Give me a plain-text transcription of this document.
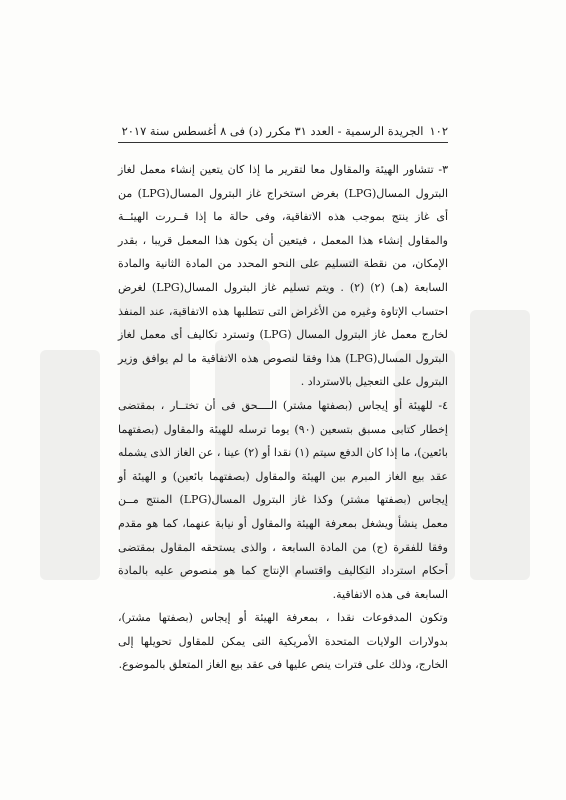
١٠٢
الجريدة الرسمية - العدد ٣١ مكرر (د) فى ٨ أغسطس سنة ٢٠١٧

٣- تتشاور الهيئة والمقاول معا لتقرير ما إذا كان يتعين إنشاء معمل لغاز البترول المسال(LPG) بغرض استخراج غاز البترول المسال(LPG) من أى غاز ينتج بموجب هذه الاتفاقية، وفى حالة ما إذا قــررت الهيئــة والمقاول إنشاء هذا المعمل ، فيتعين أن يكون هذا المعمل قريبا ، بقدر الإمكان، من نقطة التسليم على النحو المحدد من المادة الثانية والمادة السابعة (هـ) (٢) (٢) . ويتم تسليم غاز البترول المسال(LPG) لغرض احتساب الإتاوة وغيره من الأغراض التى تتطلبها هذه الاتفاقية، عند المنفذ لخارج معمل غاز البترول المسال (LPG) وتسترد تكاليف أى معمل لغاز البترول المسال(LPG) هذا وفقا لنصوص هذه الاتفاقية ما لم يوافق وزير البترول على التعجيل بالاسترداد .

٤- للهيئة أو إيجاس (بصفتها مشتر) الــــحق فى أن تختــار ، بمقتضى إخطار كتابى مسبق بتسعين (٩٠) يوما ترسله للهيئة والمقاول (بصفتهما بائعين)، ما إذا كان الدفع سيتم (١) نقدا أو (٢) عينا ، عن الغاز الذى يشمله عقد بيع الغاز المبرم بين الهيئة والمقاول (بصفتهما بائعين) و الهيئة أو إيجاس (بصفتها مشتر) وكذا غاز البترول المسال(LPG) المنتج مــن معمل ينشأ ويشغل بمعرفة الهيئة والمقاول أو نيابة عنهما، كما هو مقدم وفقا للفقرة (ج) من المادة السابعة ، والذى يستحقه المقاول بمقتضى أحكام استرداد التكاليف واقتسام الإنتاج كما هو منصوص عليه بالمادة السابعة فى هذه الاتفاقية.

وتكون المدفوعات نقدا ، بمعرفة الهيئة أو إيجاس (بصفتها مشتر)، بدولارات الولايات المتحدة الأمريكية التى يمكن للمقاول تحويلها إلى الخارج، وذلك على فترات ينص عليها فى عقد بيع الغاز المتعلق بالموضوع.
